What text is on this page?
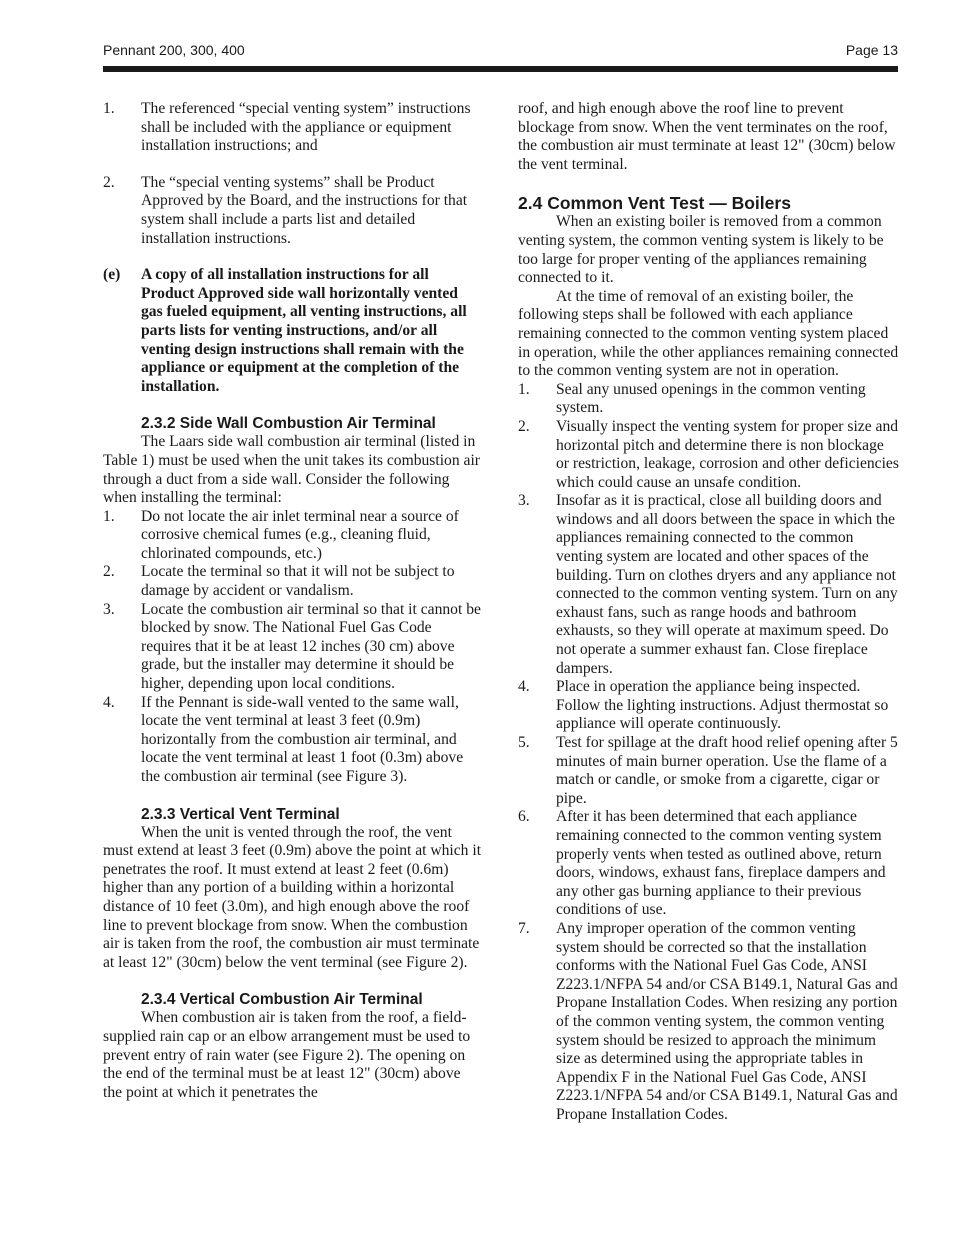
Pennant 200, 300, 400	Page 13
1. The referenced “special venting system” instructions shall be included with the appliance or equipment installation instructions; and
2. The “special venting systems” shall be Product Approved by the Board, and the instructions for that system shall include a parts list and detailed installation instructions.
(e) A copy of all installation instructions for all Product Approved side wall horizontally vented gas fueled equipment, all venting instructions, all parts lists for venting instructions, and/or all venting design instructions shall remain with the appliance or equipment at the completion of the installation.
2.3.2 Side Wall Combustion Air Terminal

The Laars side wall combustion air terminal (listed in Table 1) must be used when the unit takes its combustion air through a duct from a side wall. Consider the following when installing the terminal:

1. Do not locate the air inlet terminal near a source of corrosive chemical fumes (e.g., cleaning fluid, chlorinated compounds, etc.)
2. Locate the terminal so that it will not be subject to damage by accident or vandalism.
3. Locate the combustion air terminal so that it cannot be blocked by snow. The National Fuel Gas Code requires that it be at least 12 inches (30 cm) above grade, but the installer may determine it should be higher, depending upon local conditions.
4. If the Pennant is side-wall vented to the same wall, locate the vent terminal at least 3 feet (0.9m) horizontally from the combustion air terminal, and locate the vent terminal at least 1 foot (0.3m) above the combustion air terminal (see Figure 3).
2.3.3 Vertical Vent Terminal

When the unit is vented through the roof, the vent must extend at least 3 feet (0.9m) above the point at which it penetrates the roof. It must extend at least 2 feet (0.6m) higher than any portion of a building within a horizontal distance of 10 feet (3.0m), and high enough above the roof line to prevent blockage from snow. When the combustion air is taken from the roof, the combustion air must terminate at least 12" (30cm) below the vent terminal (see Figure 2).

2.3.4 Vertical Combustion Air Terminal

When combustion air is taken from the roof, a field-supplied rain cap or an elbow arrangement must be used to prevent entry of rain water (see Figure 2). The opening on the end of the terminal must be at least 12" (30cm) above the point at which it penetrates the

roof, and high enough above the roof line to prevent blockage from snow. When the vent terminates on the roof, the combustion air must terminate at least 12" (30cm) below the vent terminal.

2.4 Common Vent Test — Boilers

When an existing boiler is removed from a common venting system, the common venting system is likely to be too large for proper venting of the appliances remaining connected to it.

At the time of removal of an existing boiler, the following steps shall be followed with each appliance remaining connected to the common venting system placed in operation, while the other appliances remaining connected to the common venting system are not in operation.

1. Seal any unused openings in the common venting system.
2. Visually inspect the venting system for proper size and horizontal pitch and determine there is non blockage or restriction, leakage, corrosion and other deficiencies which could cause an unsafe condition.
3. Insofar as it is practical, close all building doors and windows and all doors between the space in which the appliances remaining connected to the common venting system are located and other spaces of the building. Turn on clothes dryers and any appliance not connected to the common venting system. Turn on any exhaust fans, such as range hoods and bathroom exhausts, so they will operate at maximum speed. Do not operate a summer exhaust fan. Close fireplace dampers.
4. Place in operation the appliance being inspected. Follow the lighting instructions. Adjust thermostat so appliance will operate continuously.
5. Test for spillage at the draft hood relief opening after 5 minutes of main burner operation. Use the flame of a match or candle, or smoke from a cigarette, cigar or pipe.
6. After it has been determined that each appliance remaining connected to the common venting system properly vents when tested as outlined above, return doors, windows, exhaust fans, fireplace dampers and any other gas burning appliance to their previous conditions of use.
7. Any improper operation of the common venting system should be corrected so that the installation conforms with the National Fuel Gas Code, ANSI Z223.1/NFPA 54 and/or CSA B149.1, Natural Gas and Propane Installation Codes. When resizing any portion of the common venting system, the common venting system should be resized to approach the minimum size as determined using the appropriate tables in Appendix F in the National Fuel Gas Code, ANSI Z223.1/NFPA 54 and/or CSA B149.1, Natural Gas and Propane Installation Codes.
